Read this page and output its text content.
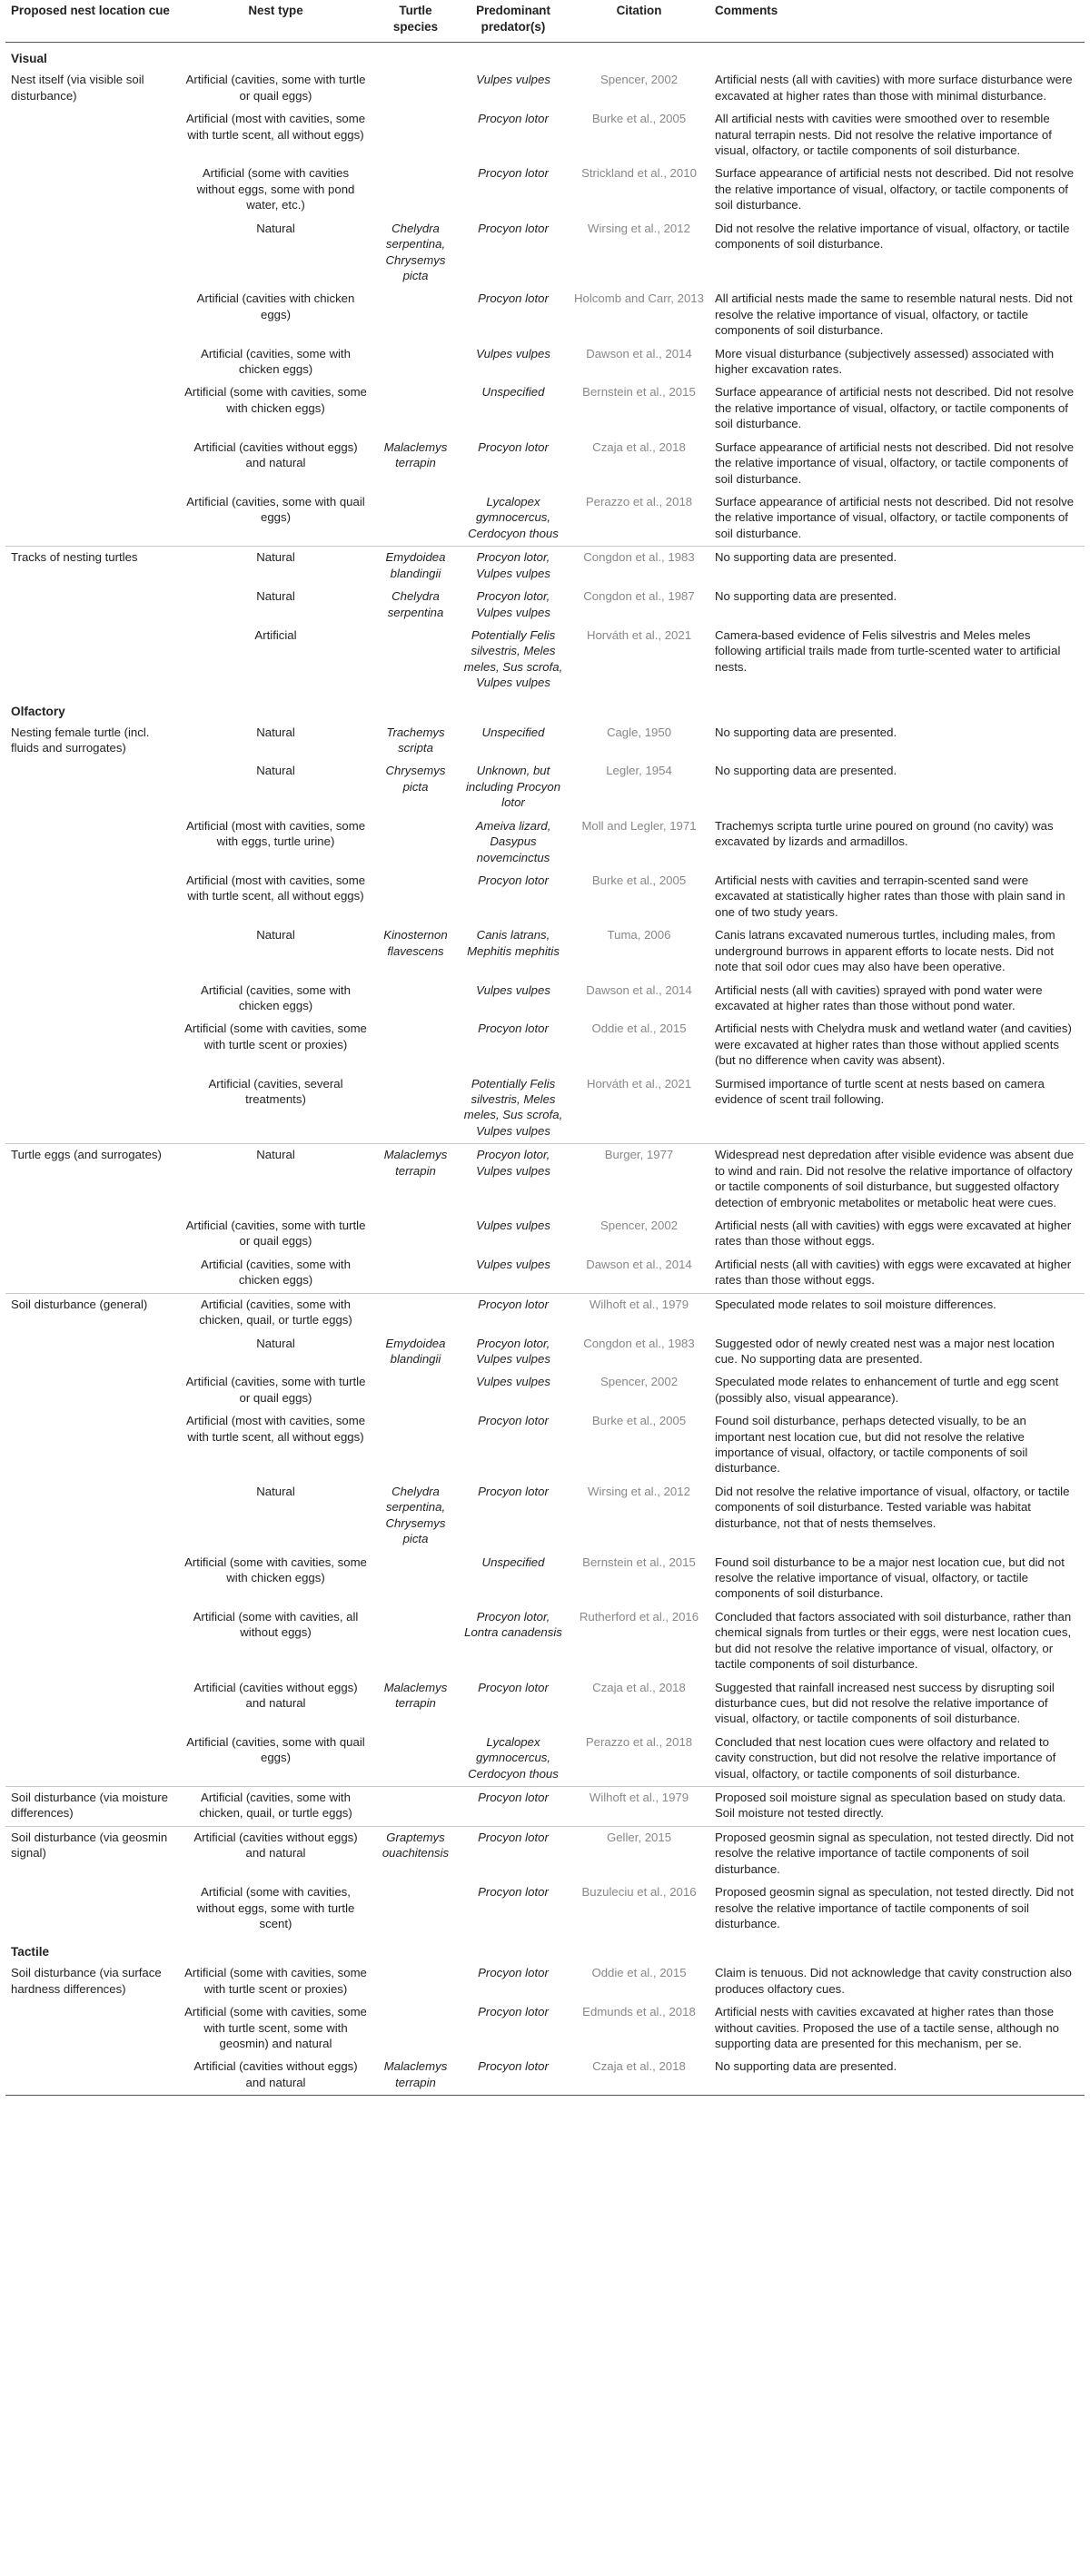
Proposed nest location cue	Nest type	Turtle species	Predominant predator(s)	Citation	Comments
Visual					
Nest itself (via visible soil disturbance)	Artificial (cavities, some with turtle or quail eggs)		Vulpes vulpes	Spencer, 2002	Artificial nests (all with cavities) with more surface disturbance were excavated at higher rates than those with minimal disturbance.
	Artificial (most with cavities, some with turtle scent, all without eggs)		Procyon lotor	Burke et al., 2005	All artificial nests with cavities were smoothed over to resemble natural terrapin nests. Did not resolve the relative importance of visual, olfactory, or tactile components of soil disturbance.
	Artificial (some with cavities without eggs, some with pond water, etc.)		Procyon lotor	Strickland et al., 2010	Surface appearance of artificial nests not described. Did not resolve the relative importance of visual, olfactory, or tactile components of soil disturbance.
	Natural	Chelydra serpentina, Chrysemys picta	Procyon lotor	Wirsing et al., 2012	Did not resolve the relative importance of visual, olfactory, or tactile components of soil disturbance.
	Artificial (cavities with chicken eggs)		Procyon lotor	Holcomb and Carr, 2013	All artificial nests made the same to resemble natural nests. Did not resolve the relative importance of visual, olfactory, or tactile components of soil disturbance.
	Artificial (cavities, some with chicken eggs)		Vulpes vulpes	Dawson et al., 2014	More visual disturbance (subjectively assessed) associated with higher excavation rates.
	Artificial (some with cavities, some with chicken eggs)		Unspecified	Bernstein et al., 2015	Surface appearance of artificial nests not described. Did not resolve the relative importance of visual, olfactory, or tactile components of soil disturbance.
	Artificial (cavities without eggs) and natural	Malaclemys terrapin	Procyon lotor	Czaja et al., 2018	Surface appearance of artificial nests not described. Did not resolve the relative importance of visual, olfactory, or tactile components of soil disturbance.
	Artificial (cavities, some with quail eggs)		Lycalopex gymnocercus, Cerdocyon thous	Perazzo et al., 2018	Surface appearance of artificial nests not described. Did not resolve the relative importance of visual, olfactory, or tactile components of soil disturbance.
Tracks of nesting turtles	Natural	Emydoidea blandingii	Procyon lotor, Vulpes vulpes	Congdon et al., 1983	No supporting data are presented.
	Natural	Chelydra serpentina	Procyon lotor, Vulpes vulpes	Congdon et al., 1987	No supporting data are presented.
	Artificial		Potentially Felis silvestris, Meles meles, Sus scrofa, Vulpes vulpes	Horváth et al., 2021	Camera-based evidence of Felis silvestris and Meles meles following artificial trails made from turtle-scented water to artificial nests.
Olfactory					
Nesting female turtle (incl. fluids and surrogates)	Natural	Trachemys scripta	Unspecified	Cagle, 1950	No supporting data are presented.
	Natural	Chrysemys picta	Unknown, but including Procyon lotor	Legler, 1954	No supporting data are presented.
	Artificial (most with cavities, some with eggs, turtle urine)		Ameiva lizard, Dasypus novemcinctus	Moll and Legler, 1971	Trachemys scripta turtle urine poured on ground (no cavity) was excavated by lizards and armadillos.
	Artificial (most with cavities, some with turtle scent, all without eggs)		Procyon lotor	Burke et al., 2005	Artificial nests with cavities and terrapin-scented sand were excavated at statistically higher rates than those with plain sand in one of two study years.
	Natural	Kinosternon flavescens	Canis latrans, Mephitis mephitis	Tuma, 2006	Canis latrans excavated numerous turtles, including males, from underground burrows in apparent efforts to locate nests. Did not note that soil odor cues may also have been operative.
	Artificial (cavities, some with chicken eggs)		Vulpes vulpes	Dawson et al., 2014	Artificial nests (all with cavities) sprayed with pond water were excavated at higher rates than those without pond water.
	Artificial (some with cavities, some with turtle scent or proxies)		Procyon lotor	Oddie et al., 2015	Artificial nests with Chelydra musk and wetland water (and cavities) were excavated at higher rates than those without applied scents (but no difference when cavity was absent).
	Artificial (cavities, several treatments)		Potentially Felis silvestris, Meles meles, Sus scrofa, Vulpes vulpes	Horváth et al., 2021	Surmised importance of turtle scent at nests based on camera evidence of scent trail following.
Turtle eggs (and surrogates)	Natural	Malaclemys terrapin	Procyon lotor, Vulpes vulpes	Burger, 1977	Widespread nest depredation after visible evidence was absent due to wind and rain. Did not resolve the relative importance of olfactory or tactile components of soil disturbance, but suggested olfactory detection of embryonic metabolites or metabolic heat were cues.
	Artificial (cavities, some with turtle or quail eggs)		Vulpes vulpes	Spencer, 2002	Artificial nests (all with cavities) with eggs were excavated at higher rates than those without eggs.
	Artificial (cavities, some with chicken eggs)		Vulpes vulpes	Dawson et al., 2014	Artificial nests (all with cavities) with eggs were excavated at higher rates than those without eggs.
Soil disturbance (general)	Artificial (cavities, some with chicken, quail, or turtle eggs)		Procyon lotor	Wilhoft et al., 1979	Speculated mode relates to soil moisture differences.
	Natural	Emydoidea blandingii	Procyon lotor, Vulpes vulpes	Congdon et al., 1983	Suggested odor of newly created nest was a major nest location cue. No supporting data are presented.
	Artificial (cavities, some with turtle or quail eggs)		Vulpes vulpes	Spencer, 2002	Speculated mode relates to enhancement of turtle and egg scent (possibly also, visual appearance).
	Artificial (most with cavities, some with turtle scent, all without eggs)		Procyon lotor	Burke et al., 2005	Found soil disturbance, perhaps detected visually, to be an important nest location cue, but did not resolve the relative importance of visual, olfactory, or tactile components of soil disturbance.
	Natural	Chelydra serpentina, Chrysemys picta	Procyon lotor	Wirsing et al., 2012	Did not resolve the relative importance of visual, olfactory, or tactile components of soil disturbance. Tested variable was habitat disturbance, not that of nests themselves.
	Artificial (some with cavities, some with chicken eggs)		Unspecified	Bernstein et al., 2015	Found soil disturbance to be a major nest location cue, but did not resolve the relative importance of visual, olfactory, or tactile components of soil disturbance.
	Artificial (some with cavities, all without eggs)		Procyon lotor, Lontra canadensis	Rutherford et al., 2016	Concluded that factors associated with soil disturbance, rather than chemical signals from turtles or their eggs, were nest location cues, but did not resolve the relative importance of visual, olfactory, or tactile components of soil disturbance.
	Artificial (cavities without eggs) and natural	Malaclemys terrapin	Procyon lotor	Czaja et al., 2018	Suggested that rainfall increased nest success by disrupting soil disturbance cues, but did not resolve the relative importance of visual, olfactory, or tactile components of soil disturbance.
	Artificial (cavities, some with quail eggs)		Lycalopex gymnocercus, Cerdocyon thous	Perazzo et al., 2018	Concluded that nest location cues were olfactory and related to cavity construction, but did not resolve the relative importance of visual, olfactory, or tactile components of soil disturbance.
Soil disturbance (via moisture differences)	Artificial (cavities, some with chicken, quail, or turtle eggs)		Procyon lotor	Wilhoft et al., 1979	Proposed soil moisture signal as speculation based on study data. Soil moisture not tested directly.
Soil disturbance (via geosmin signal)	Artificial (cavities without eggs) and natural	Graptemys ouachitensis	Procyon lotor	Geller, 2015	Proposed geosmin signal as speculation, not tested directly. Did not resolve the relative importance of tactile components of soil disturbance.
	Artificial (some with cavities, without eggs, some with turtle scent)		Procyon lotor	Buzuleciu et al., 2016	Proposed geosmin signal as speculation, not tested directly. Did not resolve the relative importance of tactile components of soil disturbance.
Tactile					
Soil disturbance (via surface hardness differences)	Artificial (some with cavities, some with turtle scent or proxies)		Procyon lotor	Oddie et al., 2015	Claim is tenuous. Did not acknowledge that cavity construction also produces olfactory cues.
	Artificial (some with cavities, some with turtle scent, some with geosmin) and natural		Procyon lotor	Edmunds et al., 2018	Artificial nests with cavities excavated at higher rates than those without cavities. Proposed the use of a tactile sense, although no supporting data are presented for this mechanism, per se.
	Artificial (cavities without eggs) and natural	Malaclemys terrapin	Procyon lotor	Czaja et al., 2018	No supporting data are presented.
